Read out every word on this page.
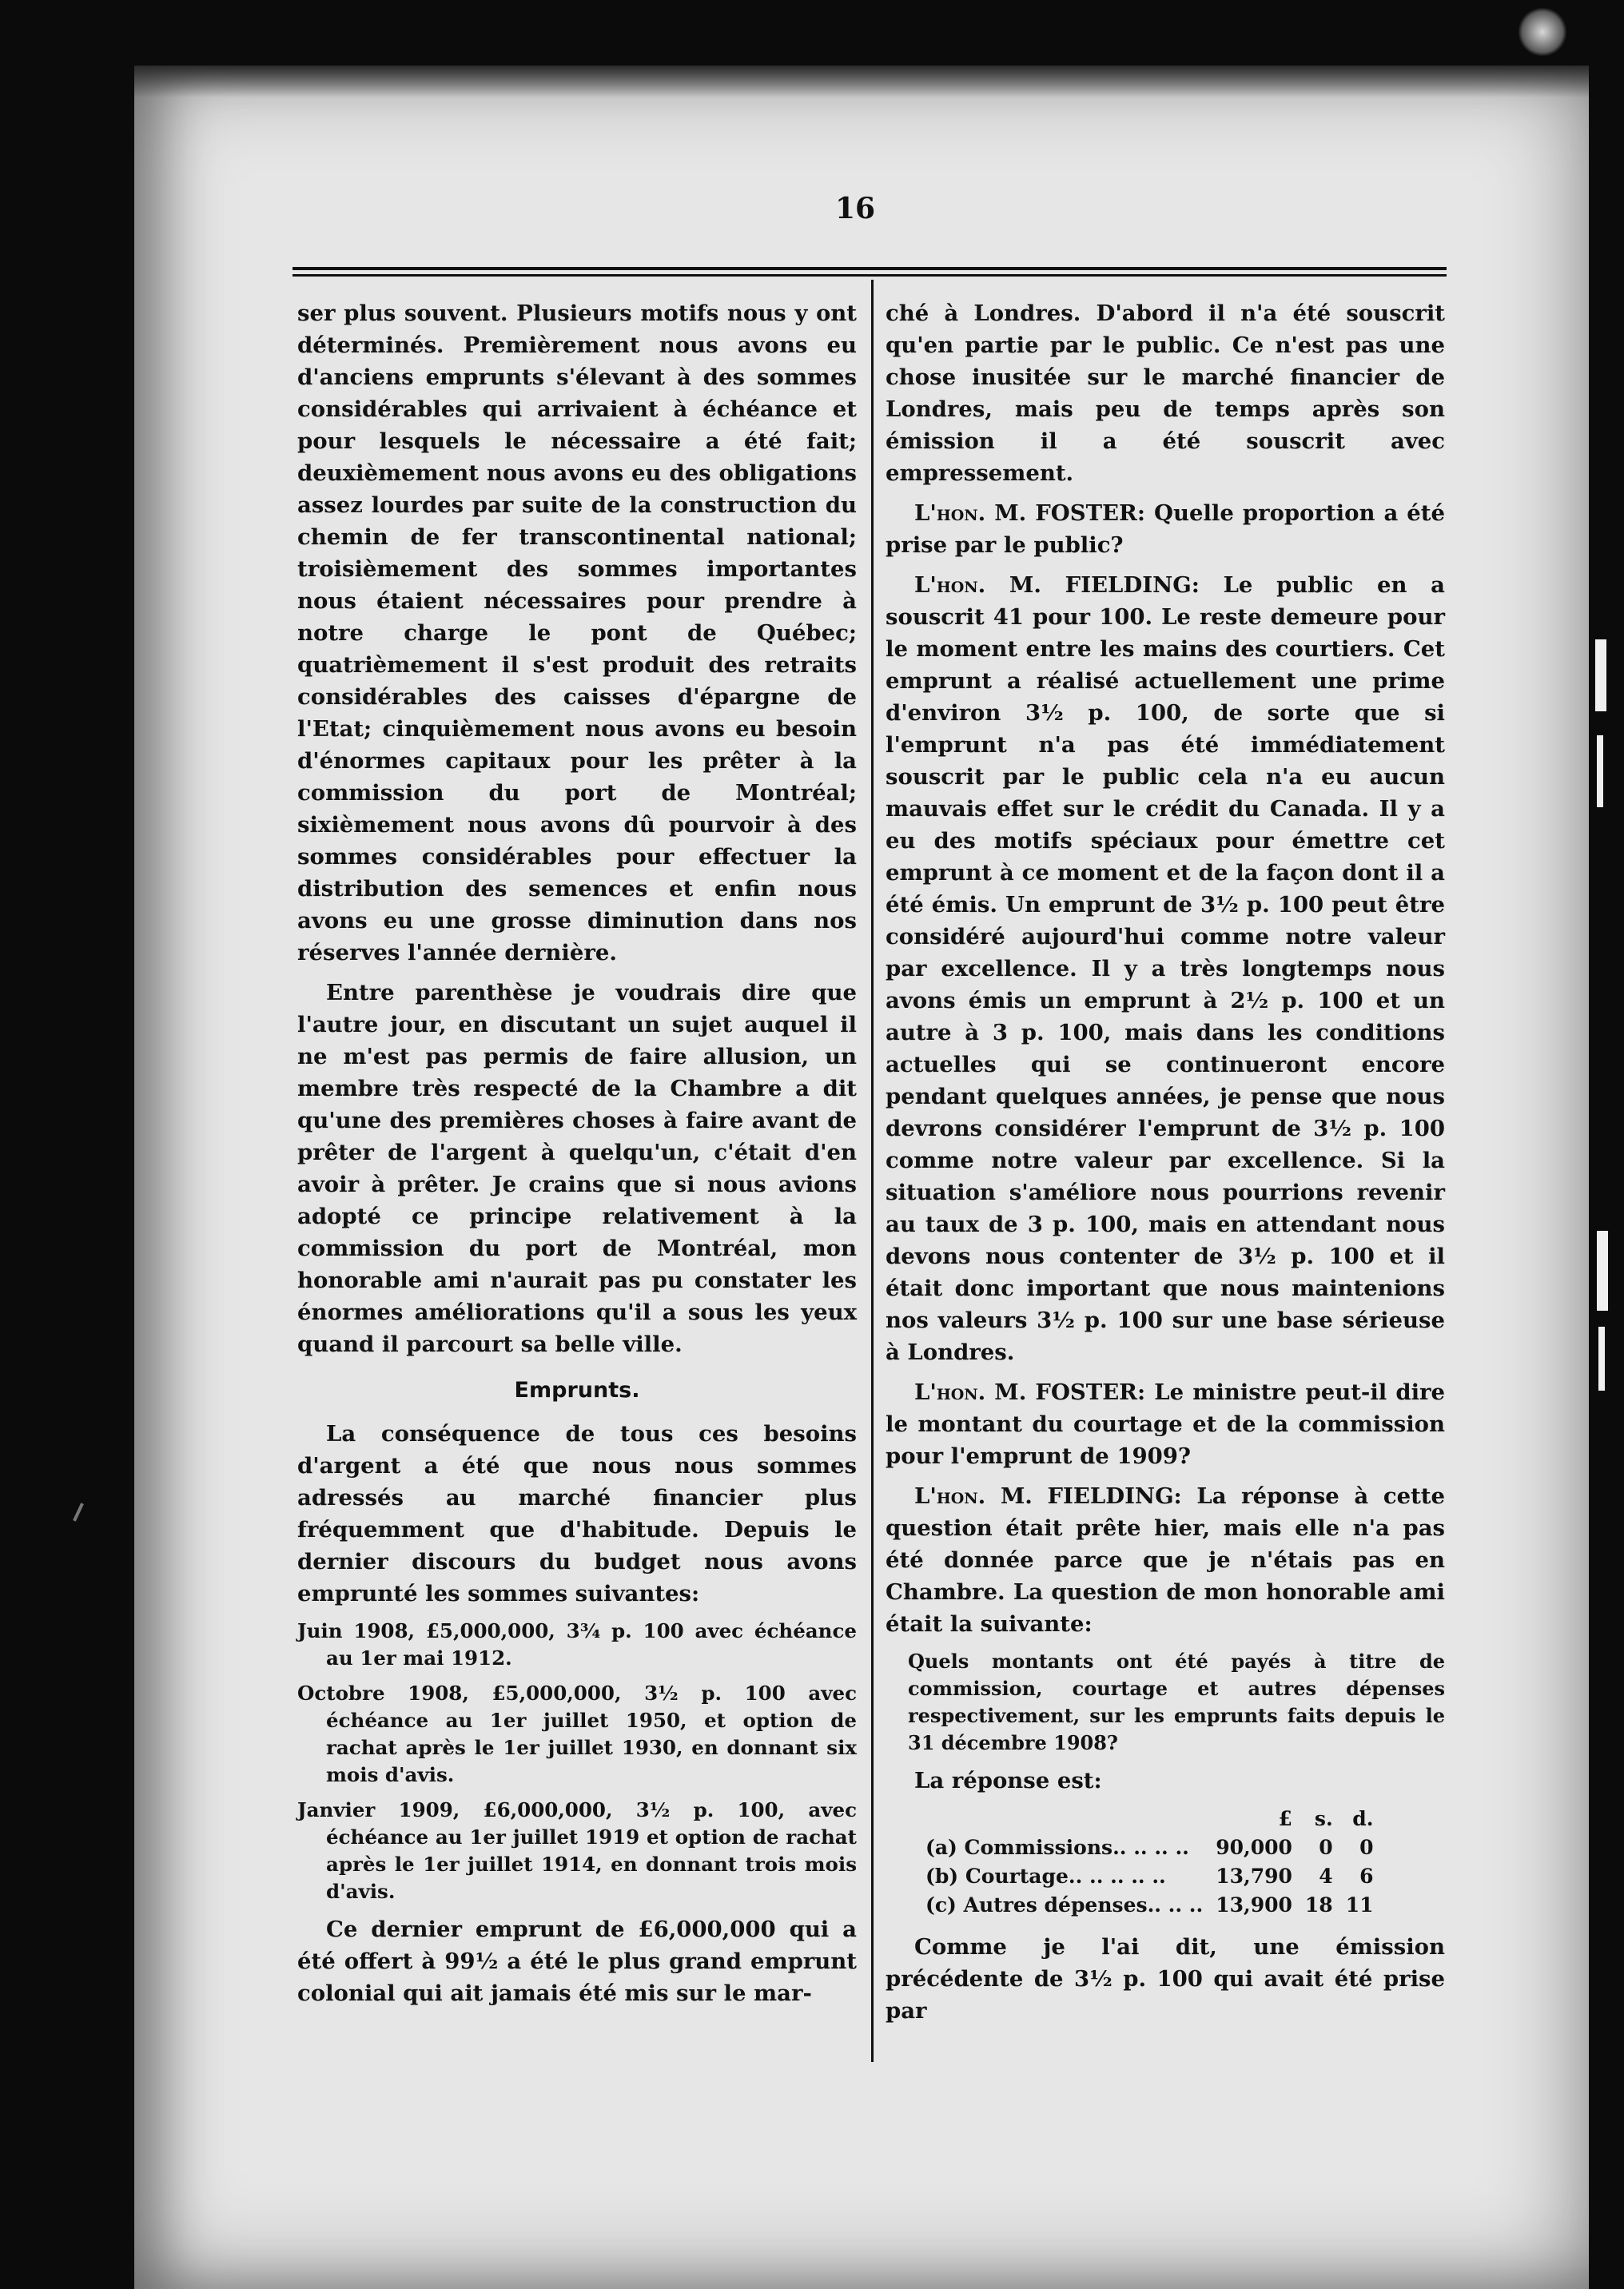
16

ser plus souvent. Plusieurs motifs nous y ont déterminés. Premièrement nous avons eu d'anciens emprunts s'élevant à des sommes considérables qui arrivaient à échéance et pour lesquels le nécessaire a été fait; deuxièmement nous avons eu des obligations assez lourdes par suite de la construction du chemin de fer transcontinental national; troisièmement des sommes importantes nous étaient nécessaires pour prendre à notre charge le pont de Québec; quatrièmement il s'est produit des retraits considérables des caisses d'épargne de l'Etat; cinquièmement nous avons eu besoin d'énormes capitaux pour les prêter à la commission du port de Montréal; sixièmement nous avons dû pourvoir à des sommes considérables pour effectuer la distribution des semences et enfin nous avons eu une grosse diminution dans nos réserves l'année dernière.

Entre parenthèse je voudrais dire que l'autre jour, en discutant un sujet auquel il ne m'est pas permis de faire allusion, un membre très respecté de la Chambre a dit qu'une des premières choses à faire avant de prêter de l'argent à quelqu'un, c'était d'en avoir à prêter. Je crains que si nous avions adopté ce principe relativement à la commission du port de Montréal, mon honorable ami n'aurait pas pu constater les énormes améliorations qu'il a sous les yeux quand il parcourt sa belle ville.

Emprunts.

La conséquence de tous ces besoins d'argent a été que nous nous sommes adressés au marché financier plus fréquemment que d'habitude. Depuis le dernier discours du budget nous avons emprunté les sommes suivantes:

Juin 1908, £5,000,000, 3¾ p. 100 avec échéance au 1er mai 1912.

Octobre 1908, £5,000,000, 3½ p. 100 avec échéance au 1er juillet 1950, et option de rachat après le 1er juillet 1930, en donnant six mois d'avis.

Janvier 1909, £6,000,000, 3½ p. 100, avec échéance au 1er juillet 1919 et option de rachat après le 1er juillet 1914, en donnant trois mois d'avis.

Ce dernier emprunt de £6,000,000 qui a été offert à 99½ a été le plus grand emprunt colonial qui ait jamais été mis sur le mar-

ché à Londres. D'abord il n'a été souscrit qu'en partie par le public. Ce n'est pas une chose inusitée sur le marché financier de Londres, mais peu de temps après son émission il a été souscrit avec empressement.

L'hon. M. FOSTER: Quelle proportion a été prise par le public?

L'hon. M. FIELDING: Le public en a souscrit 41 pour 100. Le reste demeure pour le moment entre les mains des courtiers. Cet emprunt a réalisé actuellement une prime d'environ 3½ p. 100, de sorte que si l'emprunt n'a pas été immédiatement souscrit par le public cela n'a eu aucun mauvais effet sur le crédit du Canada. Il y a eu des motifs spéciaux pour émettre cet emprunt à ce moment et de la façon dont il a été émis. Un emprunt de 3½ p. 100 peut être considéré aujourd'hui comme notre valeur par excellence. Il y a très longtemps nous avons émis un emprunt à 2½ p. 100 et un autre à 3 p. 100, mais dans les conditions actuelles qui se continueront encore pendant quelques années, je pense que nous devrons considérer l'emprunt de 3½ p. 100 comme notre valeur par excellence. Si la situation s'améliore nous pourrions revenir au taux de 3 p. 100, mais en attendant nous devons nous contenter de 3½ p. 100 et il était donc important que nous maintenions nos valeurs 3½ p. 100 sur une base sérieuse à Londres.

L'hon. M. FOSTER: Le ministre peut-il dire le montant du courtage et de la commission pour l'emprunt de 1909?

L'hon. M. FIELDING: La réponse à cette question était prête hier, mais elle n'a pas été donnée parce que je n'étais pas en Chambre. La question de mon honorable ami était la suivante:

Quels montants ont été payés à titre de commission, courtage et autres dépenses respectivement, sur les emprunts faits depuis le 31 décembre 1908?

La réponse est:

	£	s.	d.
(a) Commissions.. .. .. ..	90,000	0	0
(b) Courtage.. .. .. .. ..	13,790	4	6
(c) Autres dépenses.. .. ..	13,900	18	11

Comme je l'ai dit, une émission précédente de 3½ p. 100 qui avait été prise par
